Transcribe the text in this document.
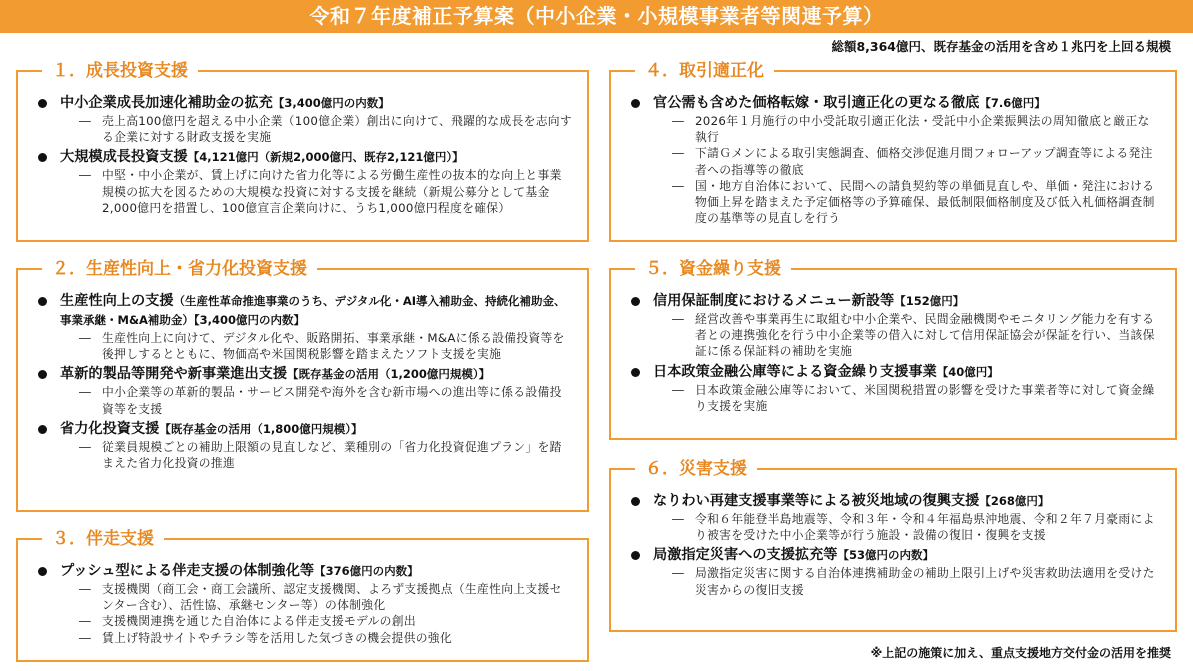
令和７年度補正予算案（中小企業・小規模事業者等関連予算）
総額8,364億円、既存基金の活用を含め１兆円を上回る規模
１．成長投資支援
中小企業成長加速化補助金の拡充【3,400億円の内数】
― 売上高100億円を超える中小企業（100億企業）創出に向けて、飛躍的な成長を志向する企業に対する財政支援を実施
大規模成長投資支援【4,121億円（新規2,000億円、既存2,121億円）】
― 中堅・中小企業が、賃上げに向けた省力化等による労働生産性の抜本的な向上と事業規模の拡大を図るための大規模な投資に対する支援を継続（新規公募分として基金2,000億円を措置し、100億宣言企業向けに、うち1,000億円程度を確保）
２．生産性向上・省力化投資支援
生産性向上の支援（生産性革命推進事業のうち、デジタル化・AI導入補助金、持続化補助金、事業承継・M&A補助金）【3,400億円の内数】
― 生産性向上に向けて、デジタル化や、販路開拓、事業承継・M&Aに係る設備投資等を後押しするとともに、物価高や米国関税影響を踏まえたソフト支援を実施
革新的製品等開発や新事業進出支援【既存基金の活用（1,200億円規模）】
― 中小企業等の革新的製品・サービス開発や海外を含む新市場への進出等に係る設備投資等を支援
省力化投資支援【既存基金の活用（1,800億円規模）】
― 従業員規模ごとの補助上限額の見直しなど、業種別の「省力化投資促進プラン」を踏まえた省力化投資の推進
３．伴走支援
プッシュ型による伴走支援の体制強化等【376億円の内数】
― 支援機関（商工会・商工会議所、認定支援機関、よろず支援拠点（生産性向上支援センター含む）、活性協、承継センター等）の体制強化
― 支援機関連携を通じた自治体による伴走支援モデルの創出
― 賃上げ特設サイトやチラシ等を活用した気づきの機会提供の強化
４．取引適正化
官公需も含めた価格転嫁・取引適正化の更なる徹底【7.6億円】
― 2026年１月施行の中小受託取引適正化法・受託中小企業振興法の周知徹底と厳正な執行
― 下請Ｇメンによる取引実態調査、価格交渉促進月間フォローアップ調査等による発注者への指導等の徹底
― 国・地方自治体において、民間への請負契約等の単価見直しや、単価・発注における物価上昇を踏まえた予定価格等の予算確保、最低制限価格制度及び低入札価格調査制度の基準等の見直しを行う
５．資金繰り支援
信用保証制度におけるメニュー新設等【152億円】
― 経営改善や事業再生に取組む中小企業や、民間金融機関やモニタリング能力を有する者との連携強化を行う中小企業等の借入に対して信用保証協会が保証を行い、当該保証に係る保証料の補助を実施
日本政策金融公庫等による資金繰り支援事業【40億円】
― 日本政策金融公庫等において、米国関税措置の影響を受けた事業者等に対して資金繰り支援を実施
６．災害支援
なりわい再建支援事業等による被災地域の復興支援【268億円】
― 令和６年能登半島地震等、令和３年・令和４年福島県沖地震、令和２年７月豪雨により被害を受けた中小企業等が行う施設・設備の復旧・復興を支援
局激指定災害への支援拡充等【53億円の内数】
― 局激指定災害に関する自治体連携補助金の補助上限引上げや災害救助法適用を受けた災害からの復旧支援
※上記の施策に加え、重点支援地方交付金の活用を推奨
